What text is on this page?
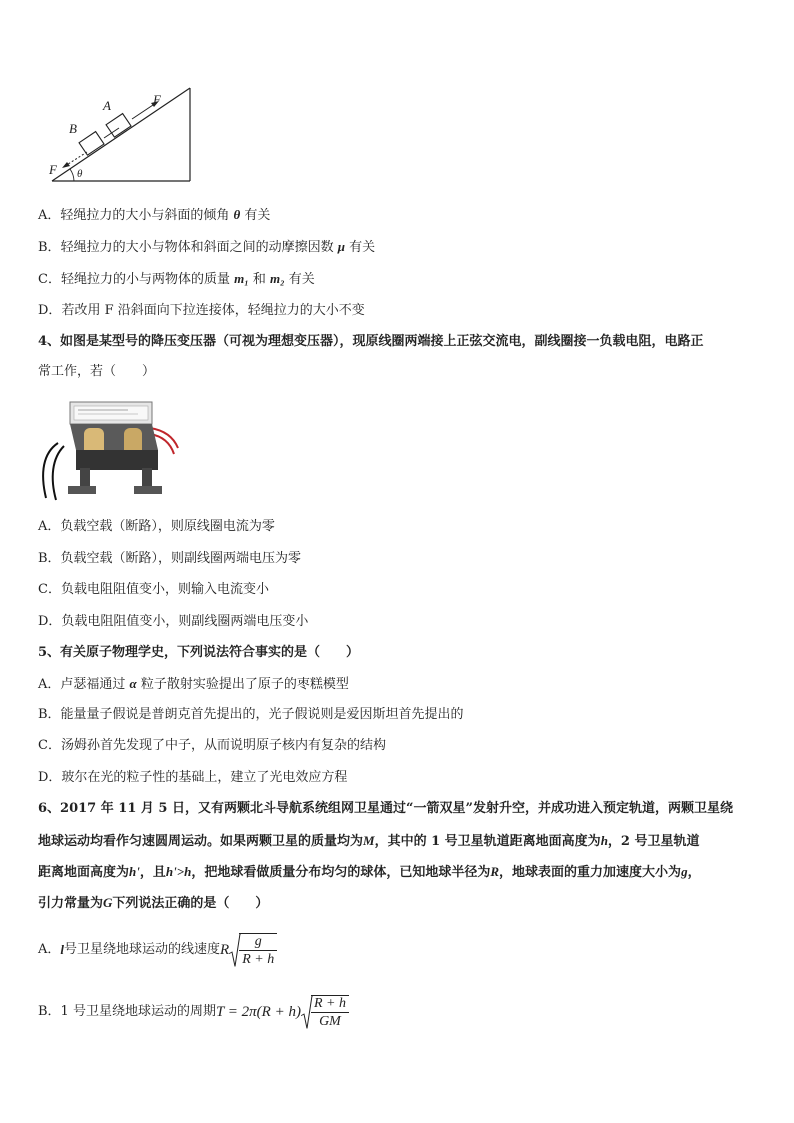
A
B
F
F θ
A．轻绳拉力的大小与斜面的倾角 θ 有关
B．轻绳拉力的大小与物体和斜面之间的动摩擦因数 μ 有关
C．轻绳拉力的小与两物体的质量 m₁ 和 m₂ 有关
D．若改用 F 沿斜面向下拉连接体，轻绳拉力的大小不变
4、如图是某型号的降压变压器（可视为理想变压器），现原线圈两端接上正弦交流电，副线圈接一负载电阻，电路正
常工作，若（　　）
A．负载空载（断路），则原线圈电流为零
B．负载空载（断路），则副线圈两端电压为零
C．负载电阻阻值变小，则输入电流变小
D．负载电阻阻值变小，则副线圈两端电压变小
5、有关原子物理学史，下列说法符合事实的是（　　）
A．卢瑟福通过 α 粒子散射实验提出了原子的枣糕模型
B．能量量子假说是普朗克首先提出的，光子假说则是爱因斯坦首先提出的
C．汤姆孙首先发现了中子，从而说明原子核内有复杂的结构
D．玻尔在光的粒子性的基础上，建立了光电效应方程
6、2017 年 11 月 5 日，又有两颗北斗导航系统组网卫星通过“一箭双星”发射升空，并成功进入预定轨道，两颗卫星绕
地球运动均看作匀速圆周运动。如果两颗卫星的质量均为M，其中的 1 号卫星轨道距离地面高度为h，2 号卫星轨道
距离地面高度为h'，且h'>h，把地球看做质量分布均匀的球体，已知地球半径为R，地球表面的重力加速度大小为g，
引力常量为G下列说法正确的是（　　）
A． l 号卫星绕地球运动的线速度 R $\frac{g}{R + h}$
B．1 号卫星绕地球运动的周期 $T = 2\pi(R + h) \frac{R + h}{GM}$
